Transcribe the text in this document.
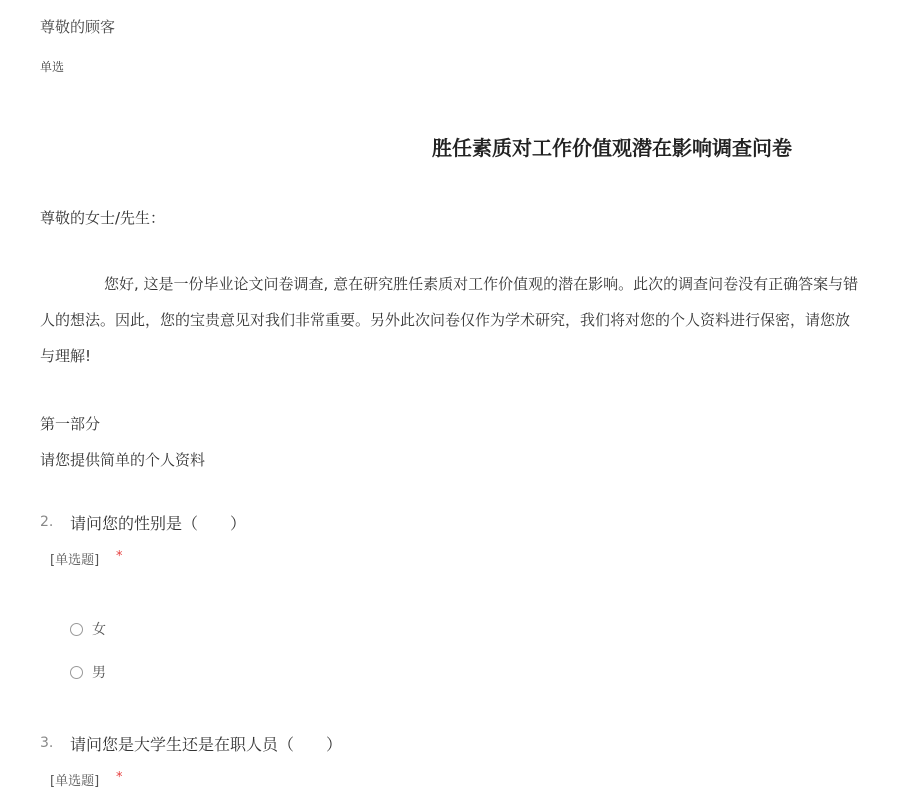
尊敬的顾客
单选
胜任素质对工作价值观潜在影响调查问卷
尊敬的女士/先生：
您好, 这是一份毕业论文问卷调查, 意在研究胜任素质对工作价值观的潜在影响。此次的调查问卷没有正确答案与错
人的想法。因此，您的宝贵意见对我们非常重要。另外此次问卷仅作为学术研究，我们将对您的个人资料进行保密，请您放
与理解!
第一部分
请您提供简单的个人资料
2. 请问您的性别是（　　）
[单选题] *
女
男
3. 请问您是大学生还是在职人员（　　）
[单选题] *
